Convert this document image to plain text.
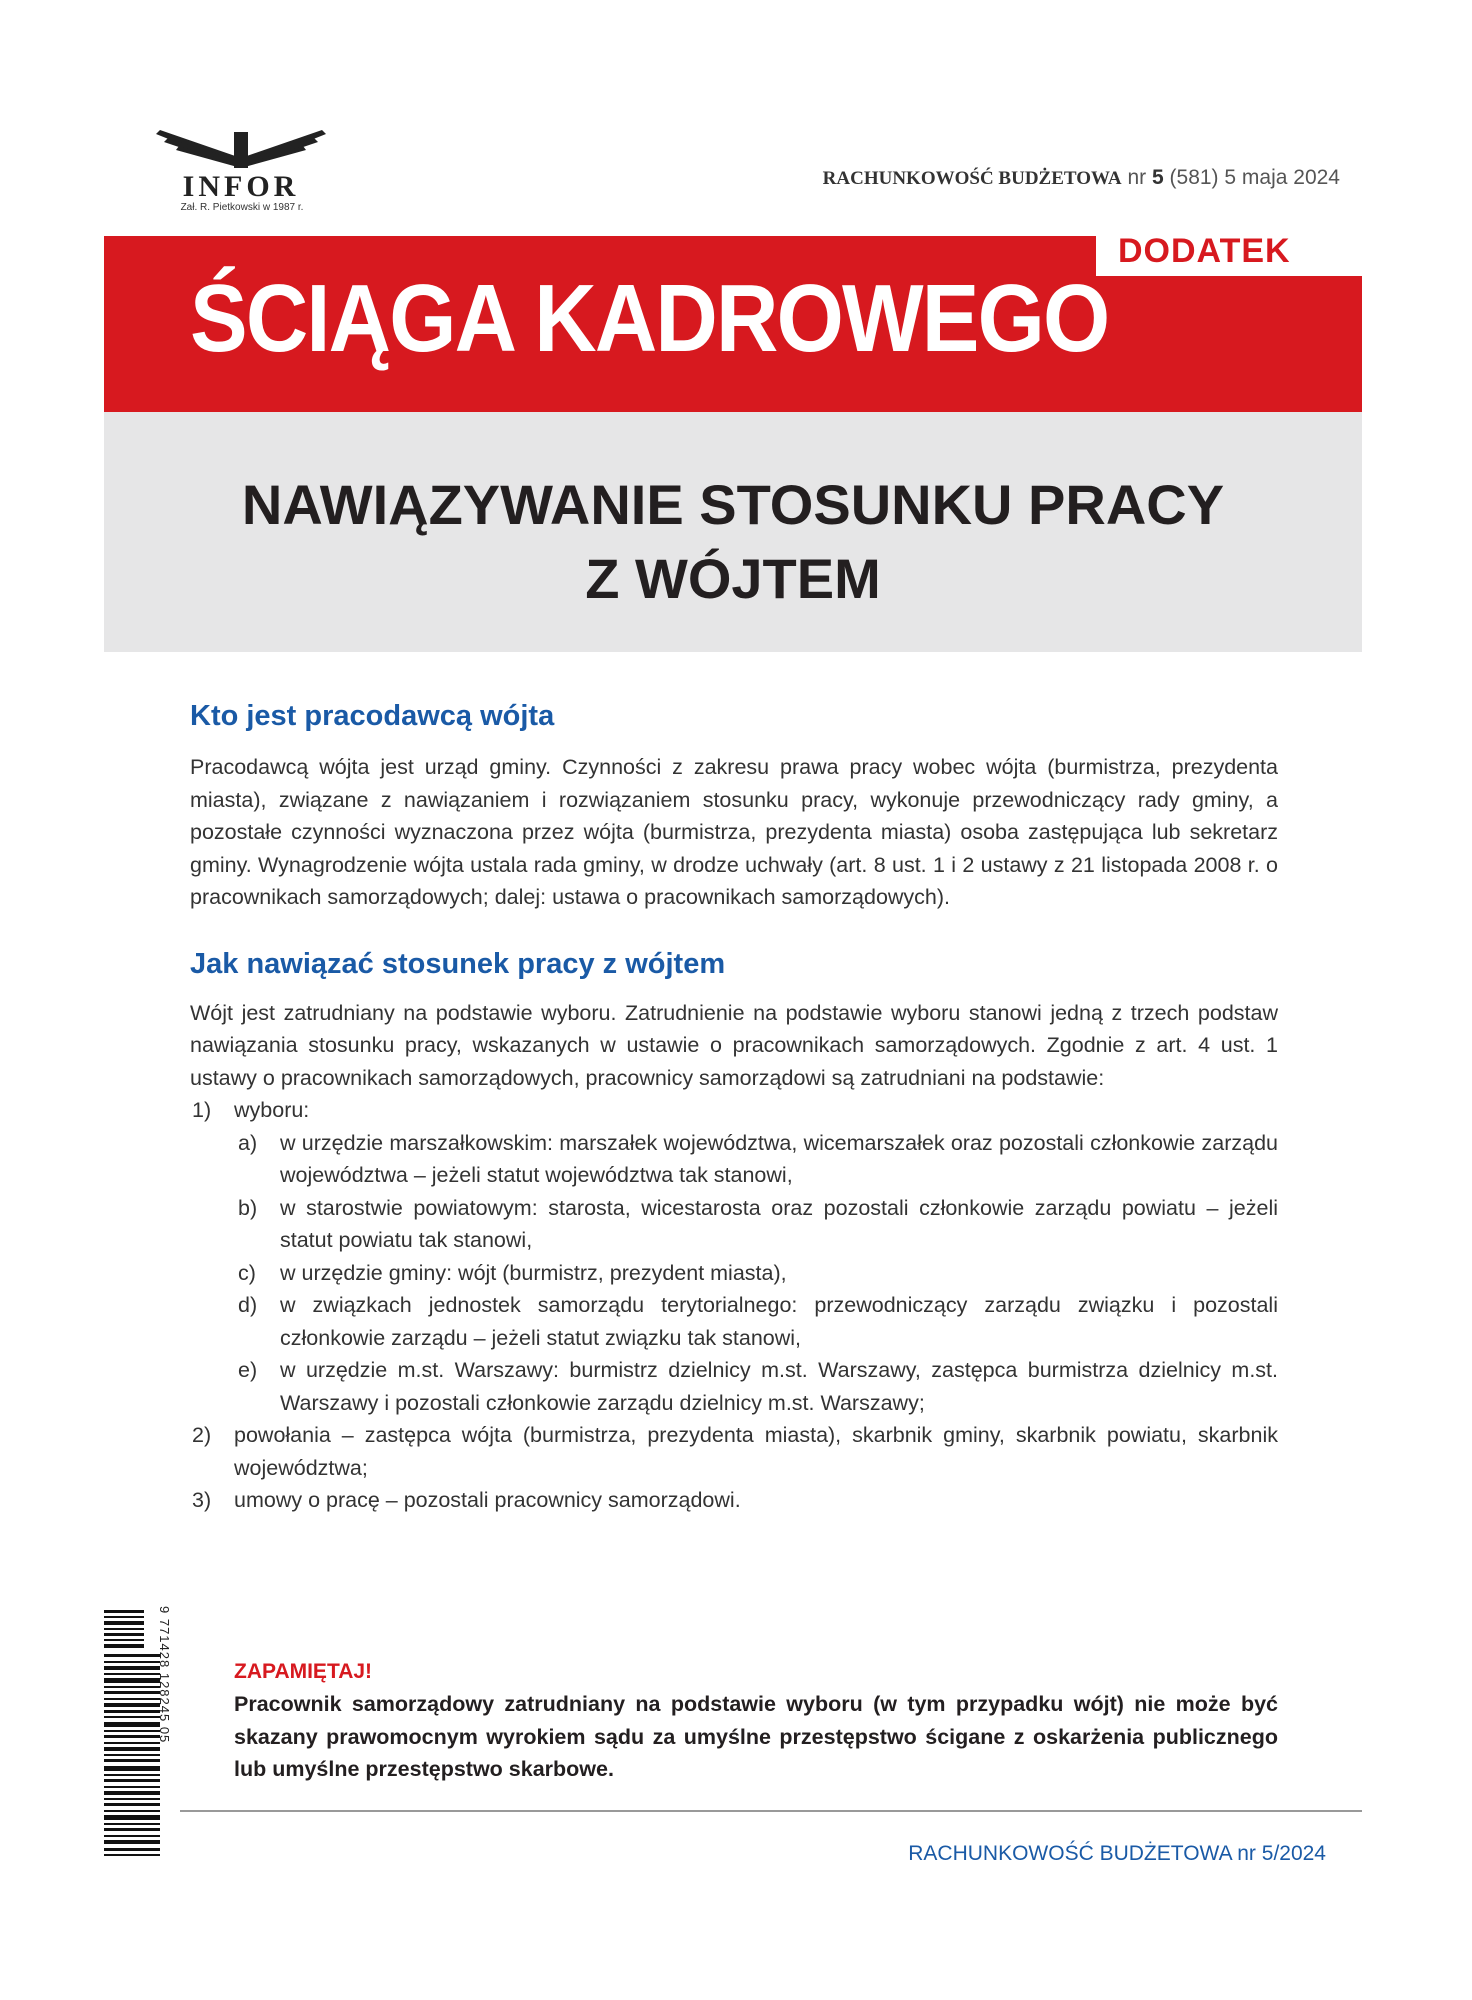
INFOR
Zał. R. Pietkowski w 1987 r.
RACHUNKOWOŚĆ BUDŻETOWA nr 5 (581) 5 maja 2024
DODATEK
ŚCIĄGA KADROWEGO
NAWIĄZYWANIE STOSUNKU PRACY
Z WÓJTEM
Kto jest pracodawcą wójta

Pracodawcą wójta jest urząd gminy. Czynności z zakresu prawa pracy wobec wójta (burmistrza, prezydenta miasta), związane z nawiązaniem i rozwiązaniem stosunku pracy, wykonuje przewodniczący rady gminy, a pozostałe czynności wyznaczona przez wójta (burmistrza, prezydenta miasta) osoba zastępująca lub sekretarz gminy. Wynagrodzenie wójta ustala rada gminy, w drodze uchwały (art. 8 ust. 1 i 2 ustawy z 21 listopada 2008 r. o pracownikach samorządowych; dalej: ustawa o pracownikach samorządowych).

Jak nawiązać stosunek pracy z wójtem

Wójt jest zatrudniany na podstawie wyboru. Zatrudnienie na podstawie wyboru stanowi jedną z trzech podstaw nawiązania stosunku pracy, wskazanych w ustawie o pracownikach samorządowych. Zgodnie z art. 4 ust. 1 ustawy o pracownikach samorządowych, pracownicy samorządowi są zatrudniani na podstawie:

1) wyboru:
a) w urzędzie marszałkowskim: marszałek województwa, wicemarszałek oraz pozostali członkowie zarządu województwa – jeżeli statut województwa tak stanowi,
b) w starostwie powiatowym: starosta, wicestarosta oraz pozostali członkowie zarządu powiatu – jeżeli statut powiatu tak stanowi,
c) w urzędzie gminy: wójt (burmistrz, prezydent miasta),
d) w związkach jednostek samorządu terytorialnego: przewodniczący zarządu związku i pozostali członkowie zarządu – jeżeli statut związku tak stanowi,
e) w urzędzie m.st. Warszawy: burmistrz dzielnicy m.st. Warszawy, zastępca burmistrza dzielnicy m.st. Warszawy i pozostali członkowie zarządu dzielnicy m.st. Warszawy;
2) powołania – zastępca wójta (burmistrza, prezydenta miasta), skarbnik gminy, skarbnik powiatu, skarbnik województwa;
3) umowy o pracę – pozostali pracownicy samorządowi.
ZAPAMIĘTAJ!
Pracownik samorządowy zatrudniany na podstawie wyboru (w tym przypadku wójt) nie może być skazany prawomocnym wyrokiem sądu za umyślne przestępstwo ścigane z oskarżenia publicznego lub umyślne przestępstwo skarbowe.
9 771428 128245 05
RACHUNKOWOŚĆ BUDŻETOWA nr 5/2024
